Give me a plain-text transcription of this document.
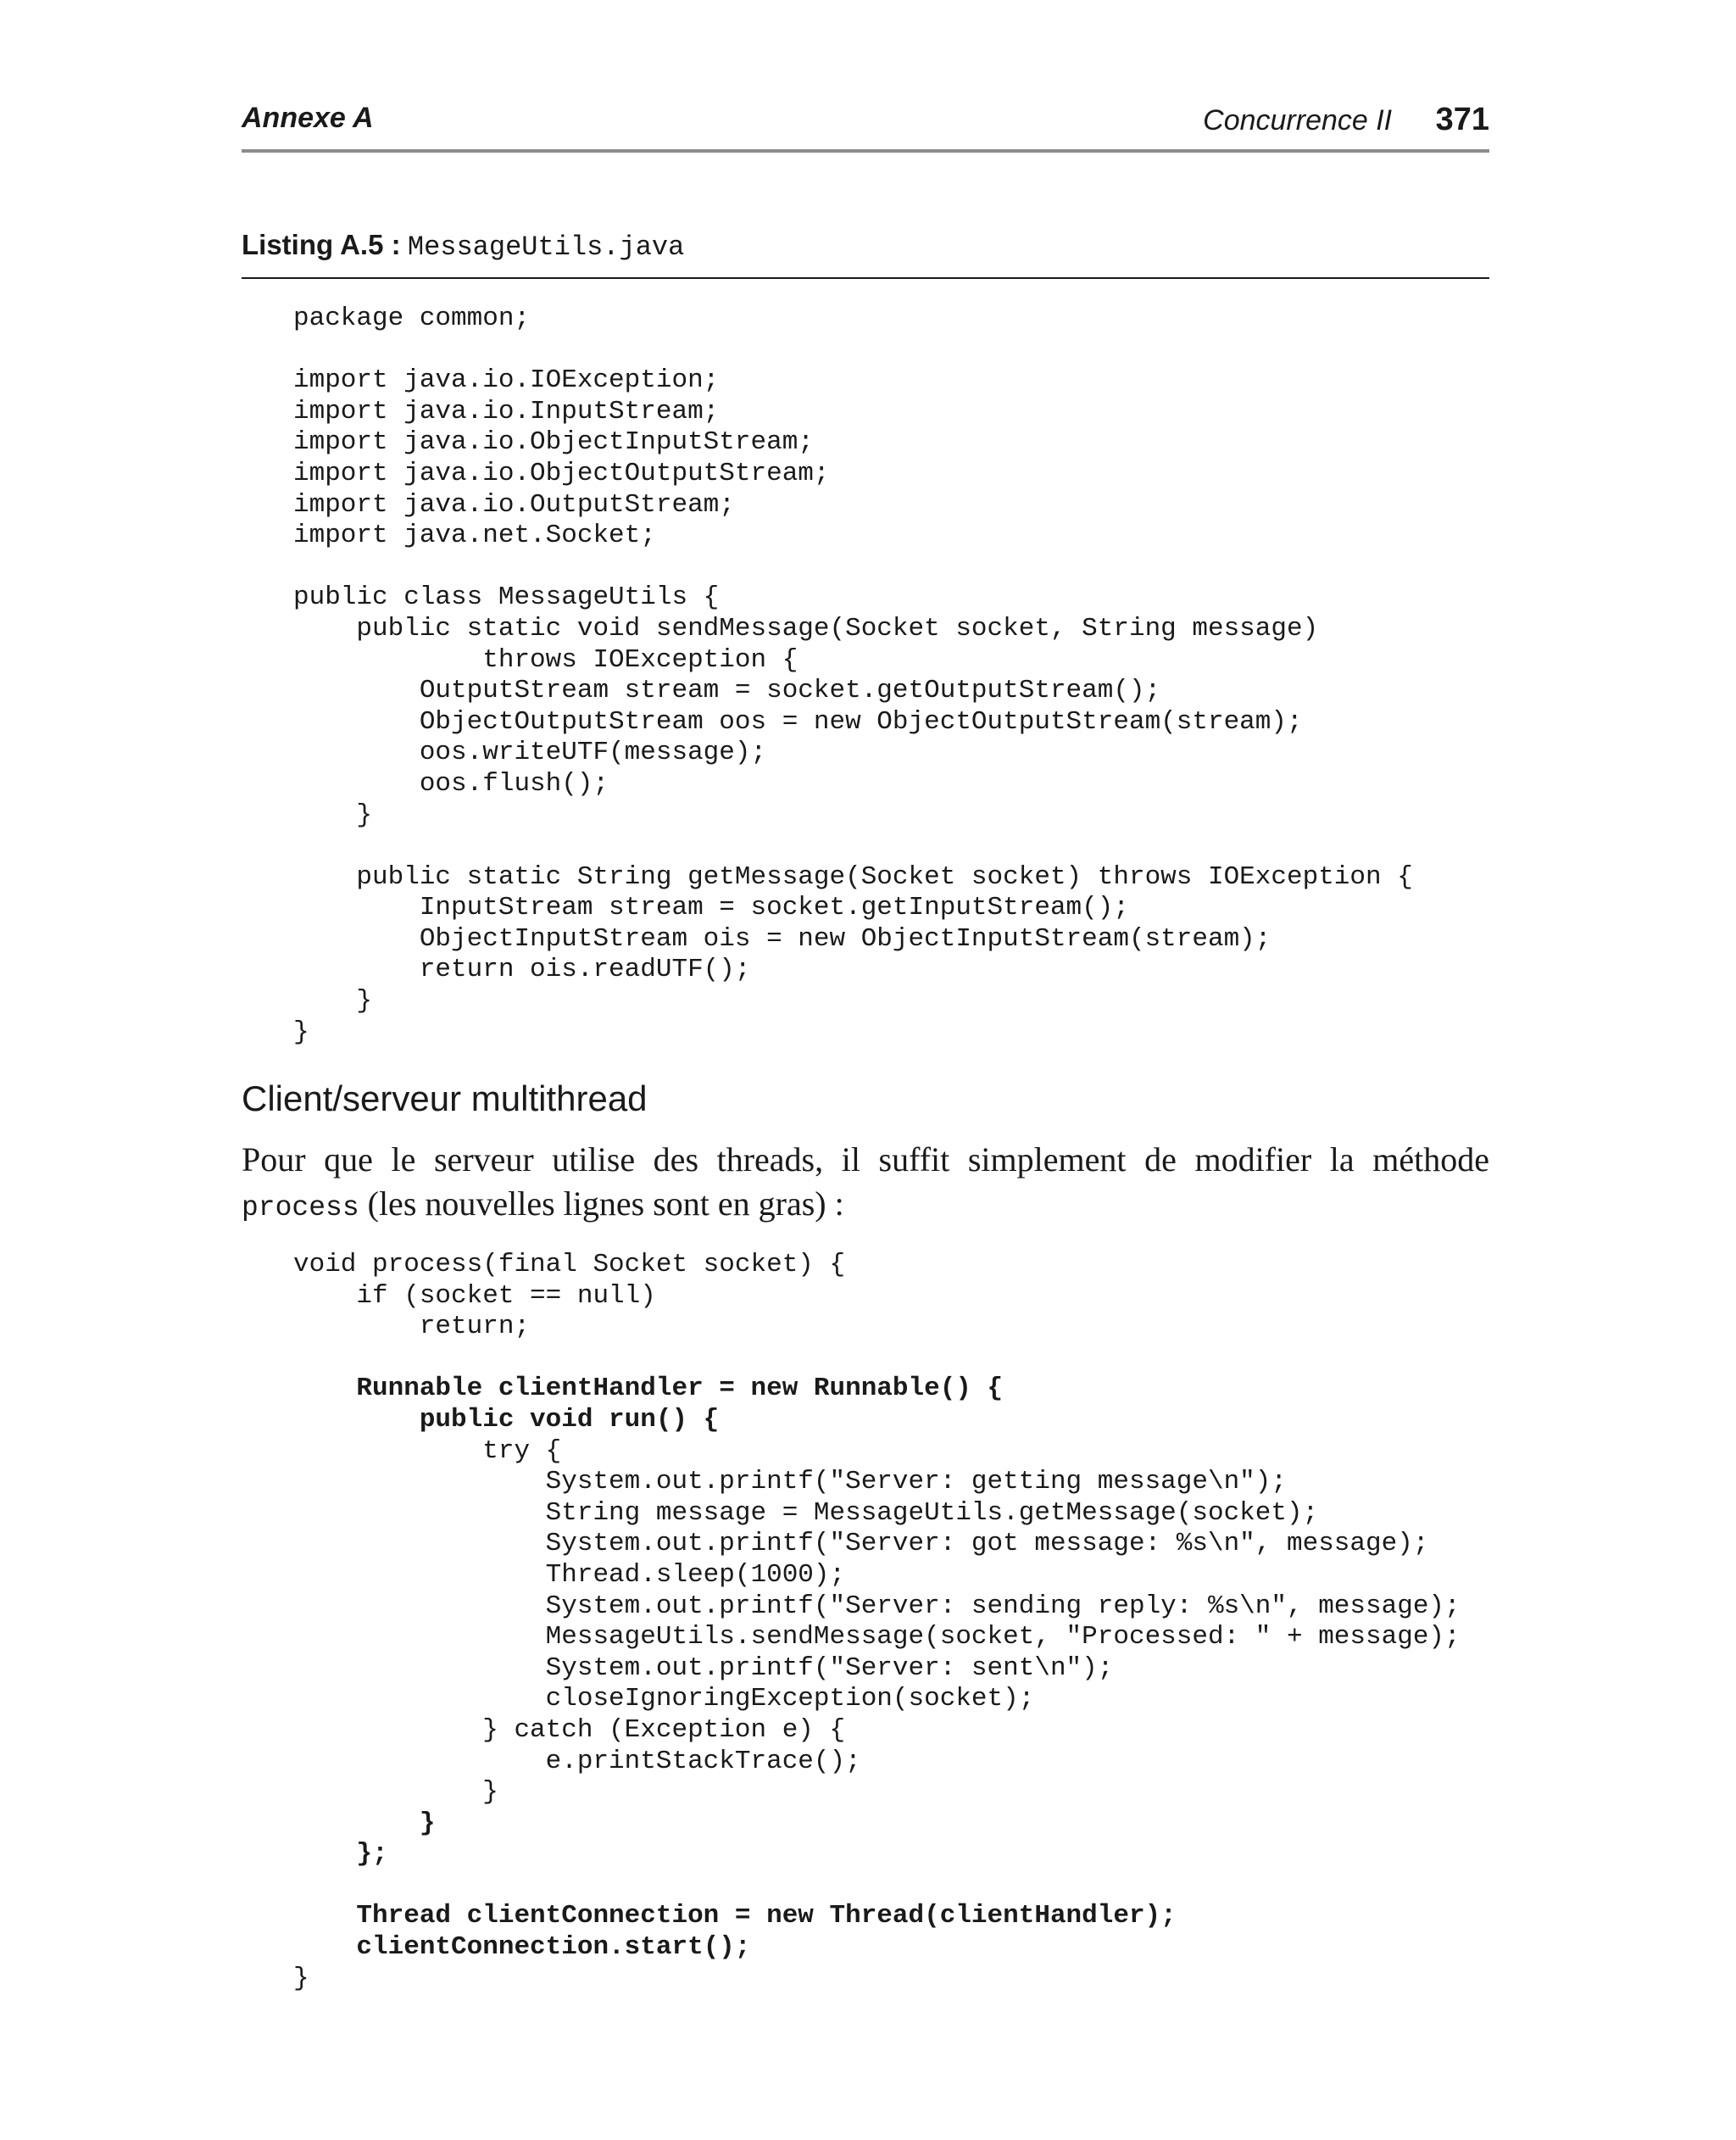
Annexe A	Concurrence II 371
Listing A.5 : MessageUtils.java
package common;
import java.io.IOException;
import java.io.InputStream;
import java.io.ObjectInputStream;
import java.io.ObjectOutputStream;
import java.io.OutputStream;
import java.net.Socket;
public class MessageUtils {
public static void sendMessage(Socket socket, String message)
throws IOException {
OutputStream stream = socket.getOutputStream();
ObjectOutputStream oos = new ObjectOutputStream(stream);
oos.writeUTF(message);
oos.flush();
}
public static String getMessage(Socket socket) throws IOException {
InputStream stream = socket.getInputStream();
ObjectInputStream ois = new ObjectInputStream(stream);
return ois.readUTF();
}
}
Client/serveur multithread
Pour que le serveur utilise des threads, il suffit simplement de modifier la méthode
process (les nouvelles lignes sont en gras) :
void process(final Socket socket) {
if (socket == null)
return;
Runnable clientHandler = new Runnable() {
public void run() {
try {
System.out.printf("Server: getting message\n");
String message = MessageUtils.getMessage(socket);
System.out.printf("Server: got message: %s\n", message);
Thread.sleep(1000);
System.out.printf("Server: sending reply: %s\n", message);
MessageUtils.sendMessage(socket, "Processed: " + message);
System.out.printf("Server: sent\n");
closeIgnoringException(socket);
} catch (Exception e) {
e.printStackTrace();
}
}
};
Thread clientConnection = new Thread(clientHandler);
clientConnection.start();
}
